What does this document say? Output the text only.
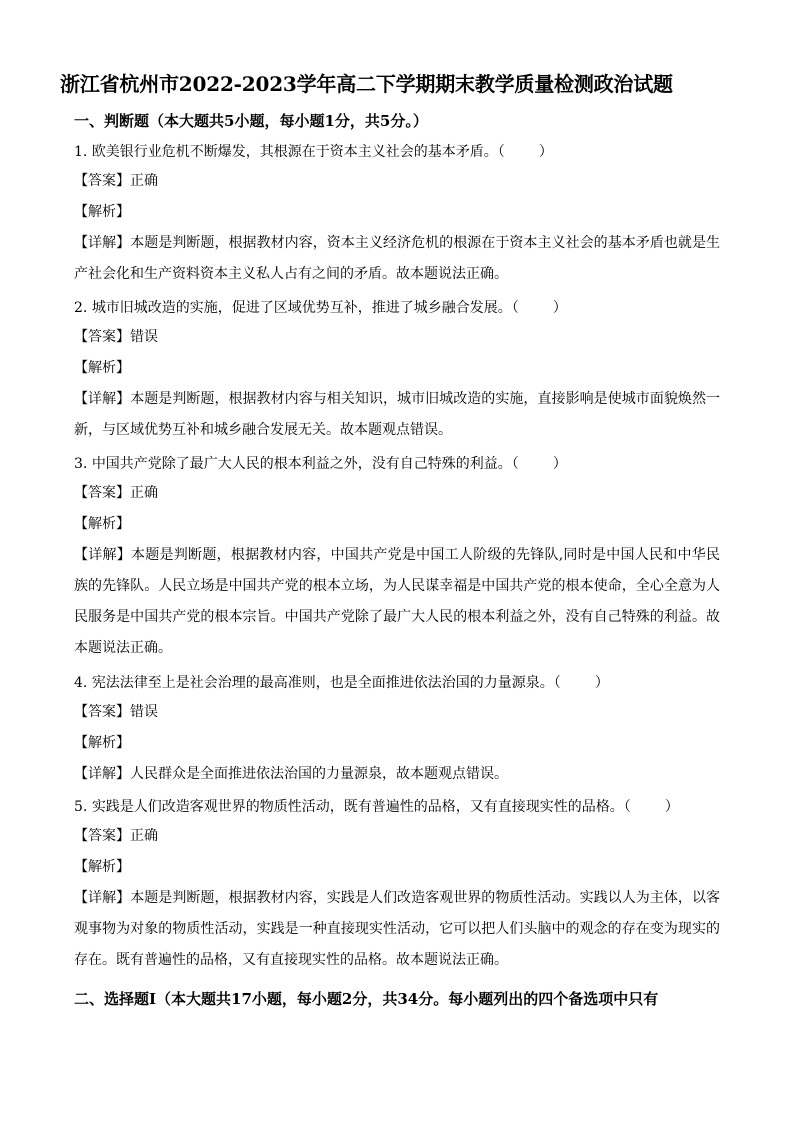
浙江省杭州市2022-2023学年高二下学期期末教学质量检测政治试题
一、判断题（本大题共5小题，每小题1分，共5分。）
1. 欧美银行业危机不断爆发，其根源在于资本主义社会的基本矛盾。（ ）
【答案】正确
【解析】
【详解】本题是判断题，根据教材内容，资本主义经济危机的根源在于资本主义社会的基本矛盾也就是生产社会化和生产资料资本主义私人占有之间的矛盾。故本题说法正确。
2. 城市旧城改造的实施，促进了区域优势互补，推进了城乡融合发展。（ ）
【答案】错误
【解析】
【详解】本题是判断题，根据教材内容与相关知识，城市旧城改造的实施，直接影响是使城市面貌焕然一新，与区域优势互补和城乡融合发展无关。故本题观点错误。
3. 中国共产党除了最广大人民的根本利益之外，没有自己特殊的利益。（ ）
【答案】正确
【解析】
【详解】本题是判断题，根据教材内容，中国共产党是中国工人阶级的先锋队,同时是中国人民和中华民族的先锋队。人民立场是中国共产党的根本立场，为人民谋幸福是中国共产党的根本使命，全心全意为人民服务是中国共产党的根本宗旨。中国共产党除了最广大人民的根本利益之外，没有自己特殊的利益。故本题说法正确。
4. 宪法法律至上是社会治理的最高准则，也是全面推进依法治国的力量源泉。（ ）
【答案】错误
【解析】
【详解】人民群众是全面推进依法治国的力量源泉，故本题观点错误。
5. 实践是人们改造客观世界的物质性活动，既有普遍性的品格，又有直接现实性的品格。（ ）
【答案】正确
【解析】
【详解】本题是判断题，根据教材内容，实践是人们改造客观世界的物质性活动。实践以人为主体，以客观事物为对象的物质性活动，实践是一种直接现实性活动，它可以把人们头脑中的观念的存在变为现实的存在。既有普遍性的品格，又有直接现实性的品格。故本题说法正确。
二、选择题Ⅰ（本大题共17小题，每小题2分，共34分。每小题列出的四个备选项中只有
